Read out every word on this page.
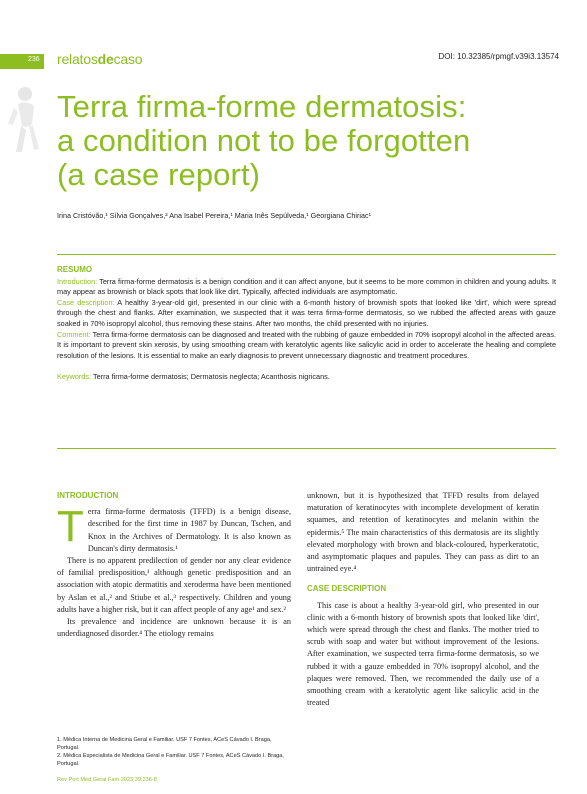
236 relatosdecaso	DOI: 10.32385/rpmgf.v39i3.13574
Terra firma-forme dermatosis:
a condition not to be forgotten
(a case report)
Irina Cristóvão,¹ Sílvia Gonçalves,² Ana Isabel Pereira,¹ Maria Inês Sepúlveda,¹ Georgiana Chiriac¹
RESUMO

Introduction: Terra firma-forme dermatosis is a benign condition and it can affect anyone, but it seems to be more common in children and young adults. It may appear as brownish or black spots that look like dirt. Typically, affected individuals are asymptomatic.

Case description: A healthy 3-year-old girl, presented in our clinic with a 6-month history of brownish spots that looked like 'dirt', which were spread through the chest and flanks. After examination, we suspected that it was terra firma-forme dermatosis, so we rubbed the affected areas with gauze soaked in 70% isopropyl alcohol, thus removing these stains. After two months, the child presented with no injuries.

Comment: Terra firma-forme dermatosis can be diagnosed and treated with the rubbing of gauze embedded in 70% isopropyl alcohol in the affected areas. It is important to prevent skin xerosis, by using smoothing cream with keratolytic agents like salicylic acid in order to accelerate the healing and complete resolution of the lesions. It is essential to make an early diagnosis to prevent unnecessary diagnostic and treatment procedures.

Keywords: Terra firma-forme dermatosis; Dermatosis neglecta; Acanthosis nigricans.

INTRODUCTION

Terra firma-forme dermatosis (TFFD) is a benign disease, described for the first time in 1987 by Duncan, Tschen, and Knox in the Archives of Dermatology. It is also known as Duncan's dirty dermatosis.¹

There is no apparent predilection of gender nor any clear evidence of familial predisposition,¹ although genetic predisposition and an association with atopic dermatitis and xeroderma have been mentioned by Aslan et al.,² and Stiube et al.,³ respectively. Children and young adults have a higher risk, but it can affect people of any age¹ and sex.²

Its prevalence and incidence are unknown because it is an underdiagnosed disorder.⁴ The etiology remains

unknown, but it is hypothesized that TFFD results from delayed maturation of keratinocytes with incomplete development of keratin squames, and retention of keratinocytes and melanin within the epidermis.⁵ The main characteristics of this dermatosis are its slightly elevated morphology with brown and black-coloured, hyperkeratotic, and asymptomatic plaques and papules. They can pass as dirt to an untrained eye.⁴

CASE DESCRIPTION

This case is about a healthy 3-year-old girl, who presented in our clinic with a 6-month history of brownish spots that looked like 'dirt', which were spread through the chest and flanks. The mother tried to scrub with soap and water but without improvement of the lesions. After examination, we suspected terra firma-forme dermatosis, so we rubbed it with a gauze embedded in 70% isopropyl alcohol, and the plaques were removed. Then, we recommended the daily use of a smoothing cream with a keratolytic agent like salicylic acid in the treated

1. Médica Interna de Medicina Geral e Familiar. USF 7 Fontes, ACeS Cávado I. Braga, Portugal.
2. Médica Especialista de Medicina Geral e Familiar. USF 7 Fontes, ACeS Cávado I. Braga, Portugal.
Rev Port Med Geral Fam 2023;39:236-8
